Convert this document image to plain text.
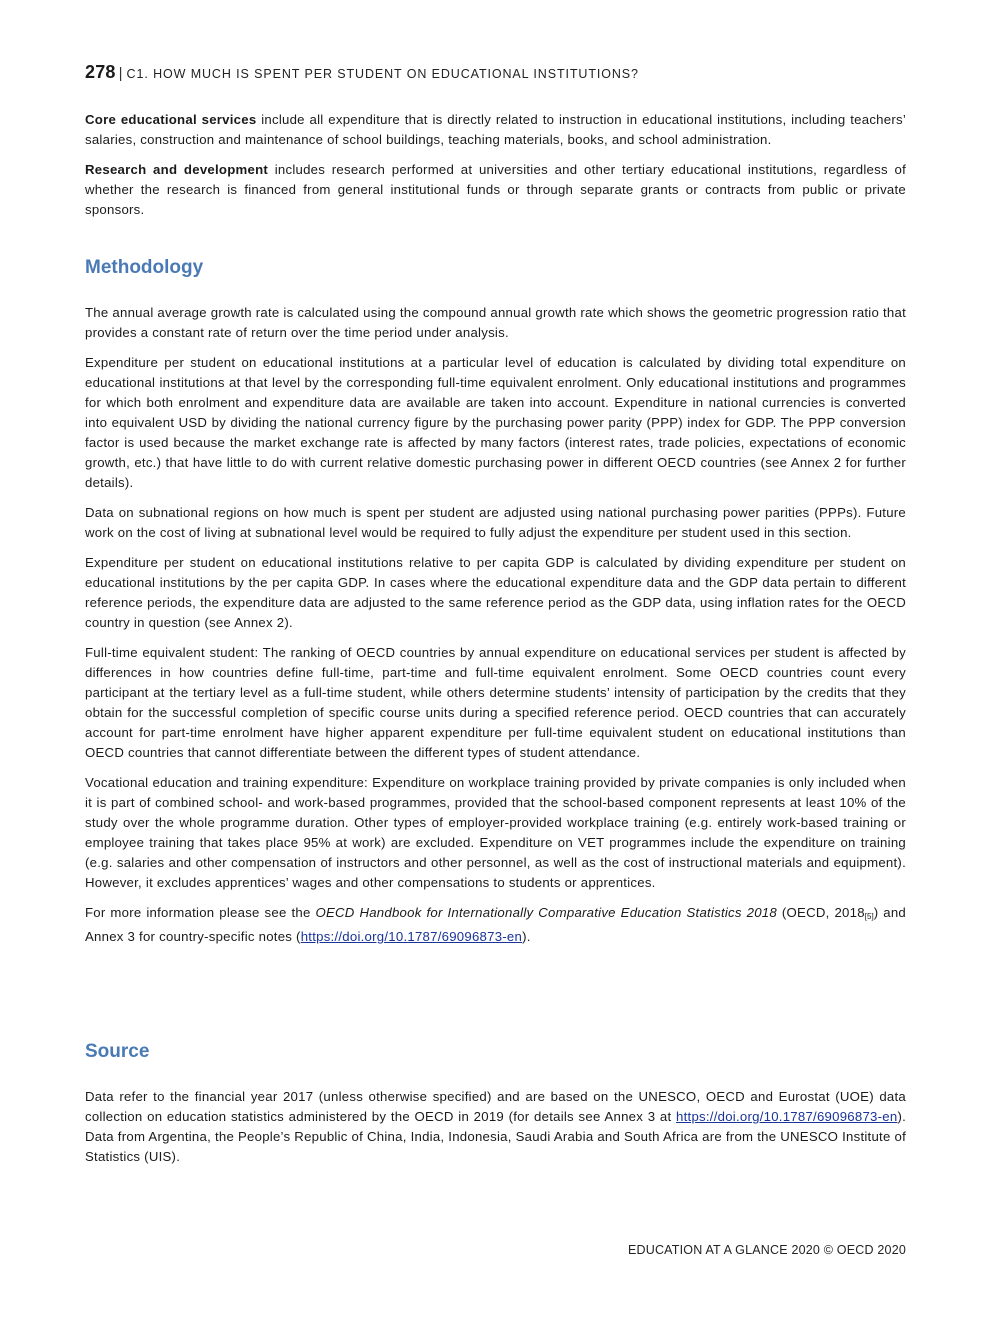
278 | C1. HOW MUCH IS SPENT PER STUDENT ON EDUCATIONAL INSTITUTIONS?

Core educational services include all expenditure that is directly related to instruction in educational institutions, including teachers’ salaries, construction and maintenance of school buildings, teaching materials, books, and school administration.

Research and development includes research performed at universities and other tertiary educational institutions, regardless of whether the research is financed from general institutional funds or through separate grants or contracts from public or private sponsors.

Methodology

The annual average growth rate is calculated using the compound annual growth rate which shows the geometric progression ratio that provides a constant rate of return over the time period under analysis.

Expenditure per student on educational institutions at a particular level of education is calculated by dividing total expenditure on educational institutions at that level by the corresponding full-time equivalent enrolment. Only educational institutions and programmes for which both enrolment and expenditure data are available are taken into account. Expenditure in national currencies is converted into equivalent USD by dividing the national currency figure by the purchasing power parity (PPP) index for GDP. The PPP conversion factor is used because the market exchange rate is affected by many factors (interest rates, trade policies, expectations of economic growth, etc.) that have little to do with current relative domestic purchasing power in different OECD countries (see Annex 2 for further details).

Data on subnational regions on how much is spent per student are adjusted using national purchasing power parities (PPPs). Future work on the cost of living at subnational level would be required to fully adjust the expenditure per student used in this section.

Expenditure per student on educational institutions relative to per capita GDP is calculated by dividing expenditure per student on educational institutions by the per capita GDP. In cases where the educational expenditure data and the GDP data pertain to different reference periods, the expenditure data are adjusted to the same reference period as the GDP data, using inflation rates for the OECD country in question (see Annex 2).

Full-time equivalent student: The ranking of OECD countries by annual expenditure on educational services per student is affected by differences in how countries define full-time, part-time and full-time equivalent enrolment. Some OECD countries count every participant at the tertiary level as a full-time student, while others determine students’ intensity of participation by the credits that they obtain for the successful completion of specific course units during a specified reference period. OECD countries that can accurately account for part-time enrolment have higher apparent expenditure per full-time equivalent student on educational institutions than OECD countries that cannot differentiate between the different types of student attendance.

Vocational education and training expenditure: Expenditure on workplace training provided by private companies is only included when it is part of combined school- and work-based programmes, provided that the school-based component represents at least 10% of the study over the whole programme duration. Other types of employer-provided workplace training (e.g. entirely work-based training or employee training that takes place 95% at work) are excluded. Expenditure on VET programmes include the expenditure on training (e.g. salaries and other compensation of instructors and other personnel, as well as the cost of instructional materials and equipment). However, it excludes apprentices’ wages and other compensations to students or apprentices.

For more information please see the OECD Handbook for Internationally Comparative Education Statistics 2018 (OECD, 2018[5]) and Annex 3 for country-specific notes (https://doi.org/10.1787/69096873-en).

Source

Data refer to the financial year 2017 (unless otherwise specified) and are based on the UNESCO, OECD and Eurostat (UOE) data collection on education statistics administered by the OECD in 2019 (for details see Annex 3 at https://doi.org/10.1787/69096873-en). Data from Argentina, the People’s Republic of China, India, Indonesia, Saudi Arabia and South Africa are from the UNESCO Institute of Statistics (UIS).

EDUCATION AT A GLANCE 2020 © OECD 2020
